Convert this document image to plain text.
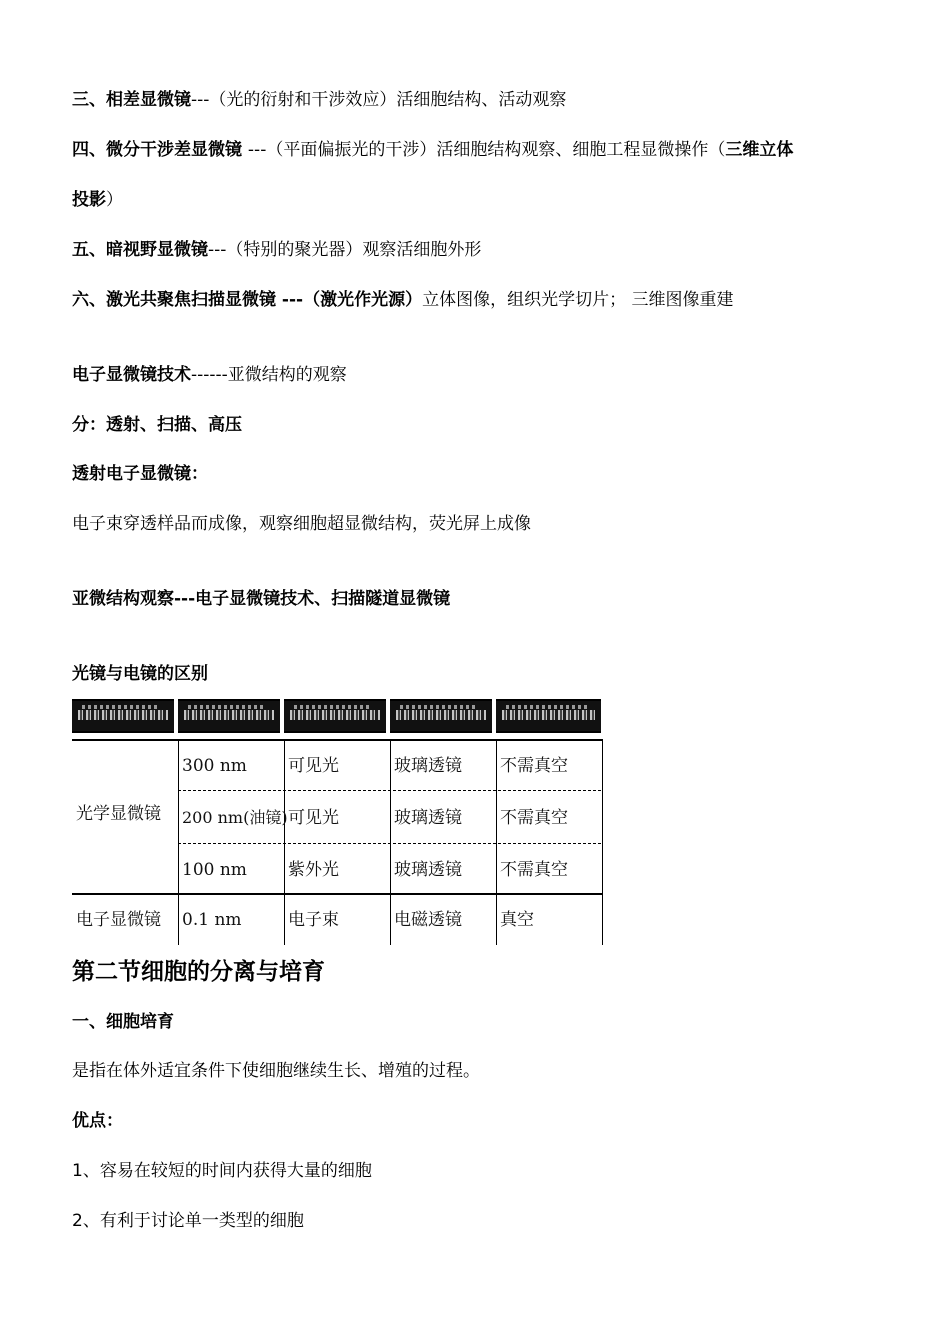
三、相差显微镜---（光的衍射和干涉效应）活细胞结构、活动观察
四、微分干涉差显微镜 ---（平面偏振光的干涉）活细胞结构观察、细胞工程显微操作（三维立体
投影）
五、暗视野显微镜---（特别的聚光器）观察活细胞外形
六、激光共聚焦扫描显微镜 ---（激光作光源）立体图像，组织光学切片； 三维图像重建
电子显微镜技术------亚微结构的观察
分：透射、扫描、高压
透射电子显微镜：
电子束穿透样品而成像，观察细胞超显微结构，荧光屏上成像
亚微结构观察---电子显微镜技术、扫描隧道显微镜
光镜与电镜的区别
光学显微镜
300 nm 可见光	玻璃透镜 不需真空
200 nm(油镜) 可见光	玻璃透镜 不需真空
100 nm 紫外光	玻璃透镜 不需真空
电子显微镜 0.1 nm	电子束	电磁透镜 真空
第二节细胞的分离与培育
一、细胞培育
是指在体外适宜条件下使细胞继续生长、增殖的过程。
优点：
1、容易在较短的时间内获得大量的细胞
2、有利于讨论单一类型的细胞
